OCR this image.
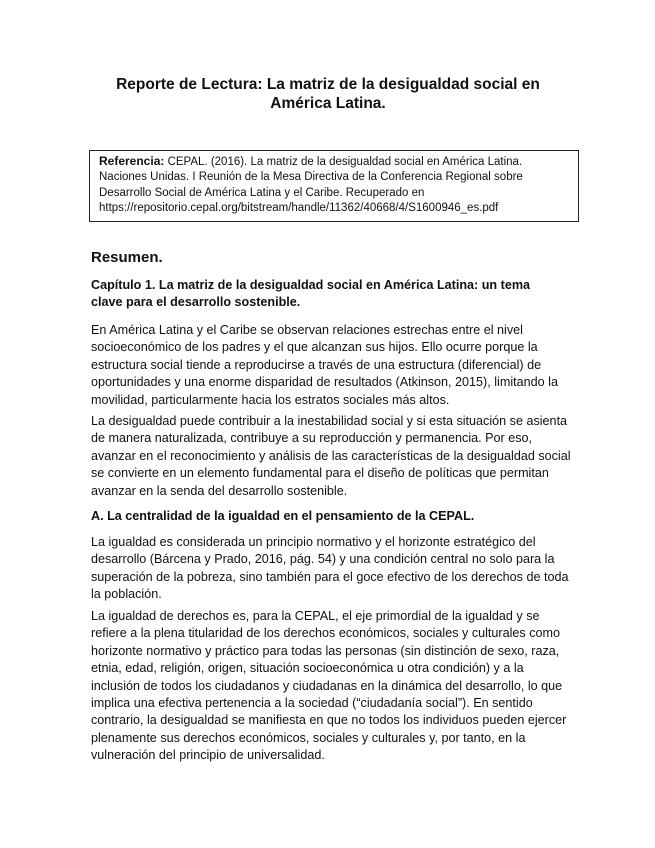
Reporte de Lectura: La matriz de la desigualdad social en América Latina.
Referencia: CEPAL. (2016). La matriz de la desigualdad social en América Latina. Naciones Unidas. I Reunión de la Mesa Directiva de la Conferencia Regional sobre Desarrollo Social de América Latina y el Caribe. Recuperado en https://repositorio.cepal.org/bitstream/handle/11362/40668/4/S1600946_es.pdf
Resumen.
Capítulo 1. La matriz de la desigualdad social en América Latina: un tema clave para el desarrollo sostenible.
En América Latina y el Caribe se observan relaciones estrechas entre el nivel socioeconómico de los padres y el que alcanzan sus hijos. Ello ocurre porque la estructura social tiende a reproducirse a través de una estructura (diferencial) de oportunidades y una enorme disparidad de resultados (Atkinson, 2015), limitando la movilidad, particularmente hacia los estratos sociales más altos.
La desigualdad puede contribuir a la inestabilidad social y si esta situación se asienta de manera naturalizada, contribuye a su reproducción y permanencia. Por eso, avanzar en el reconocimiento y análisis de las características de la desigualdad social se convierte en un elemento fundamental para el diseño de políticas que permitan avanzar en la senda del desarrollo sostenible.
A. La centralidad de la igualdad en el pensamiento de la CEPAL.
La igualdad es considerada un principio normativo y el horizonte estratégico del desarrollo (Bárcena y Prado, 2016, pág. 54) y una condición central no solo para la superación de la pobreza, sino también para el goce efectivo de los derechos de toda la población.
La igualdad de derechos es, para la CEPAL, el eje primordial de la igualdad y se refiere a la plena titularidad de los derechos económicos, sociales y culturales como horizonte normativo y práctico para todas las personas (sin distinción de sexo, raza, etnia, edad, religión, origen, situación socioeconómica u otra condición) y a la inclusión de todos los ciudadanos y ciudadanas en la dinámica del desarrollo, lo que implica una efectiva pertenencia a la sociedad (“ciudadanía social”). En sentido contrario, la desigualdad se manifiesta en que no todos los individuos pueden ejercer plenamente sus derechos económicos, sociales y culturales y, por tanto, en la vulneración del principio de universalidad.
